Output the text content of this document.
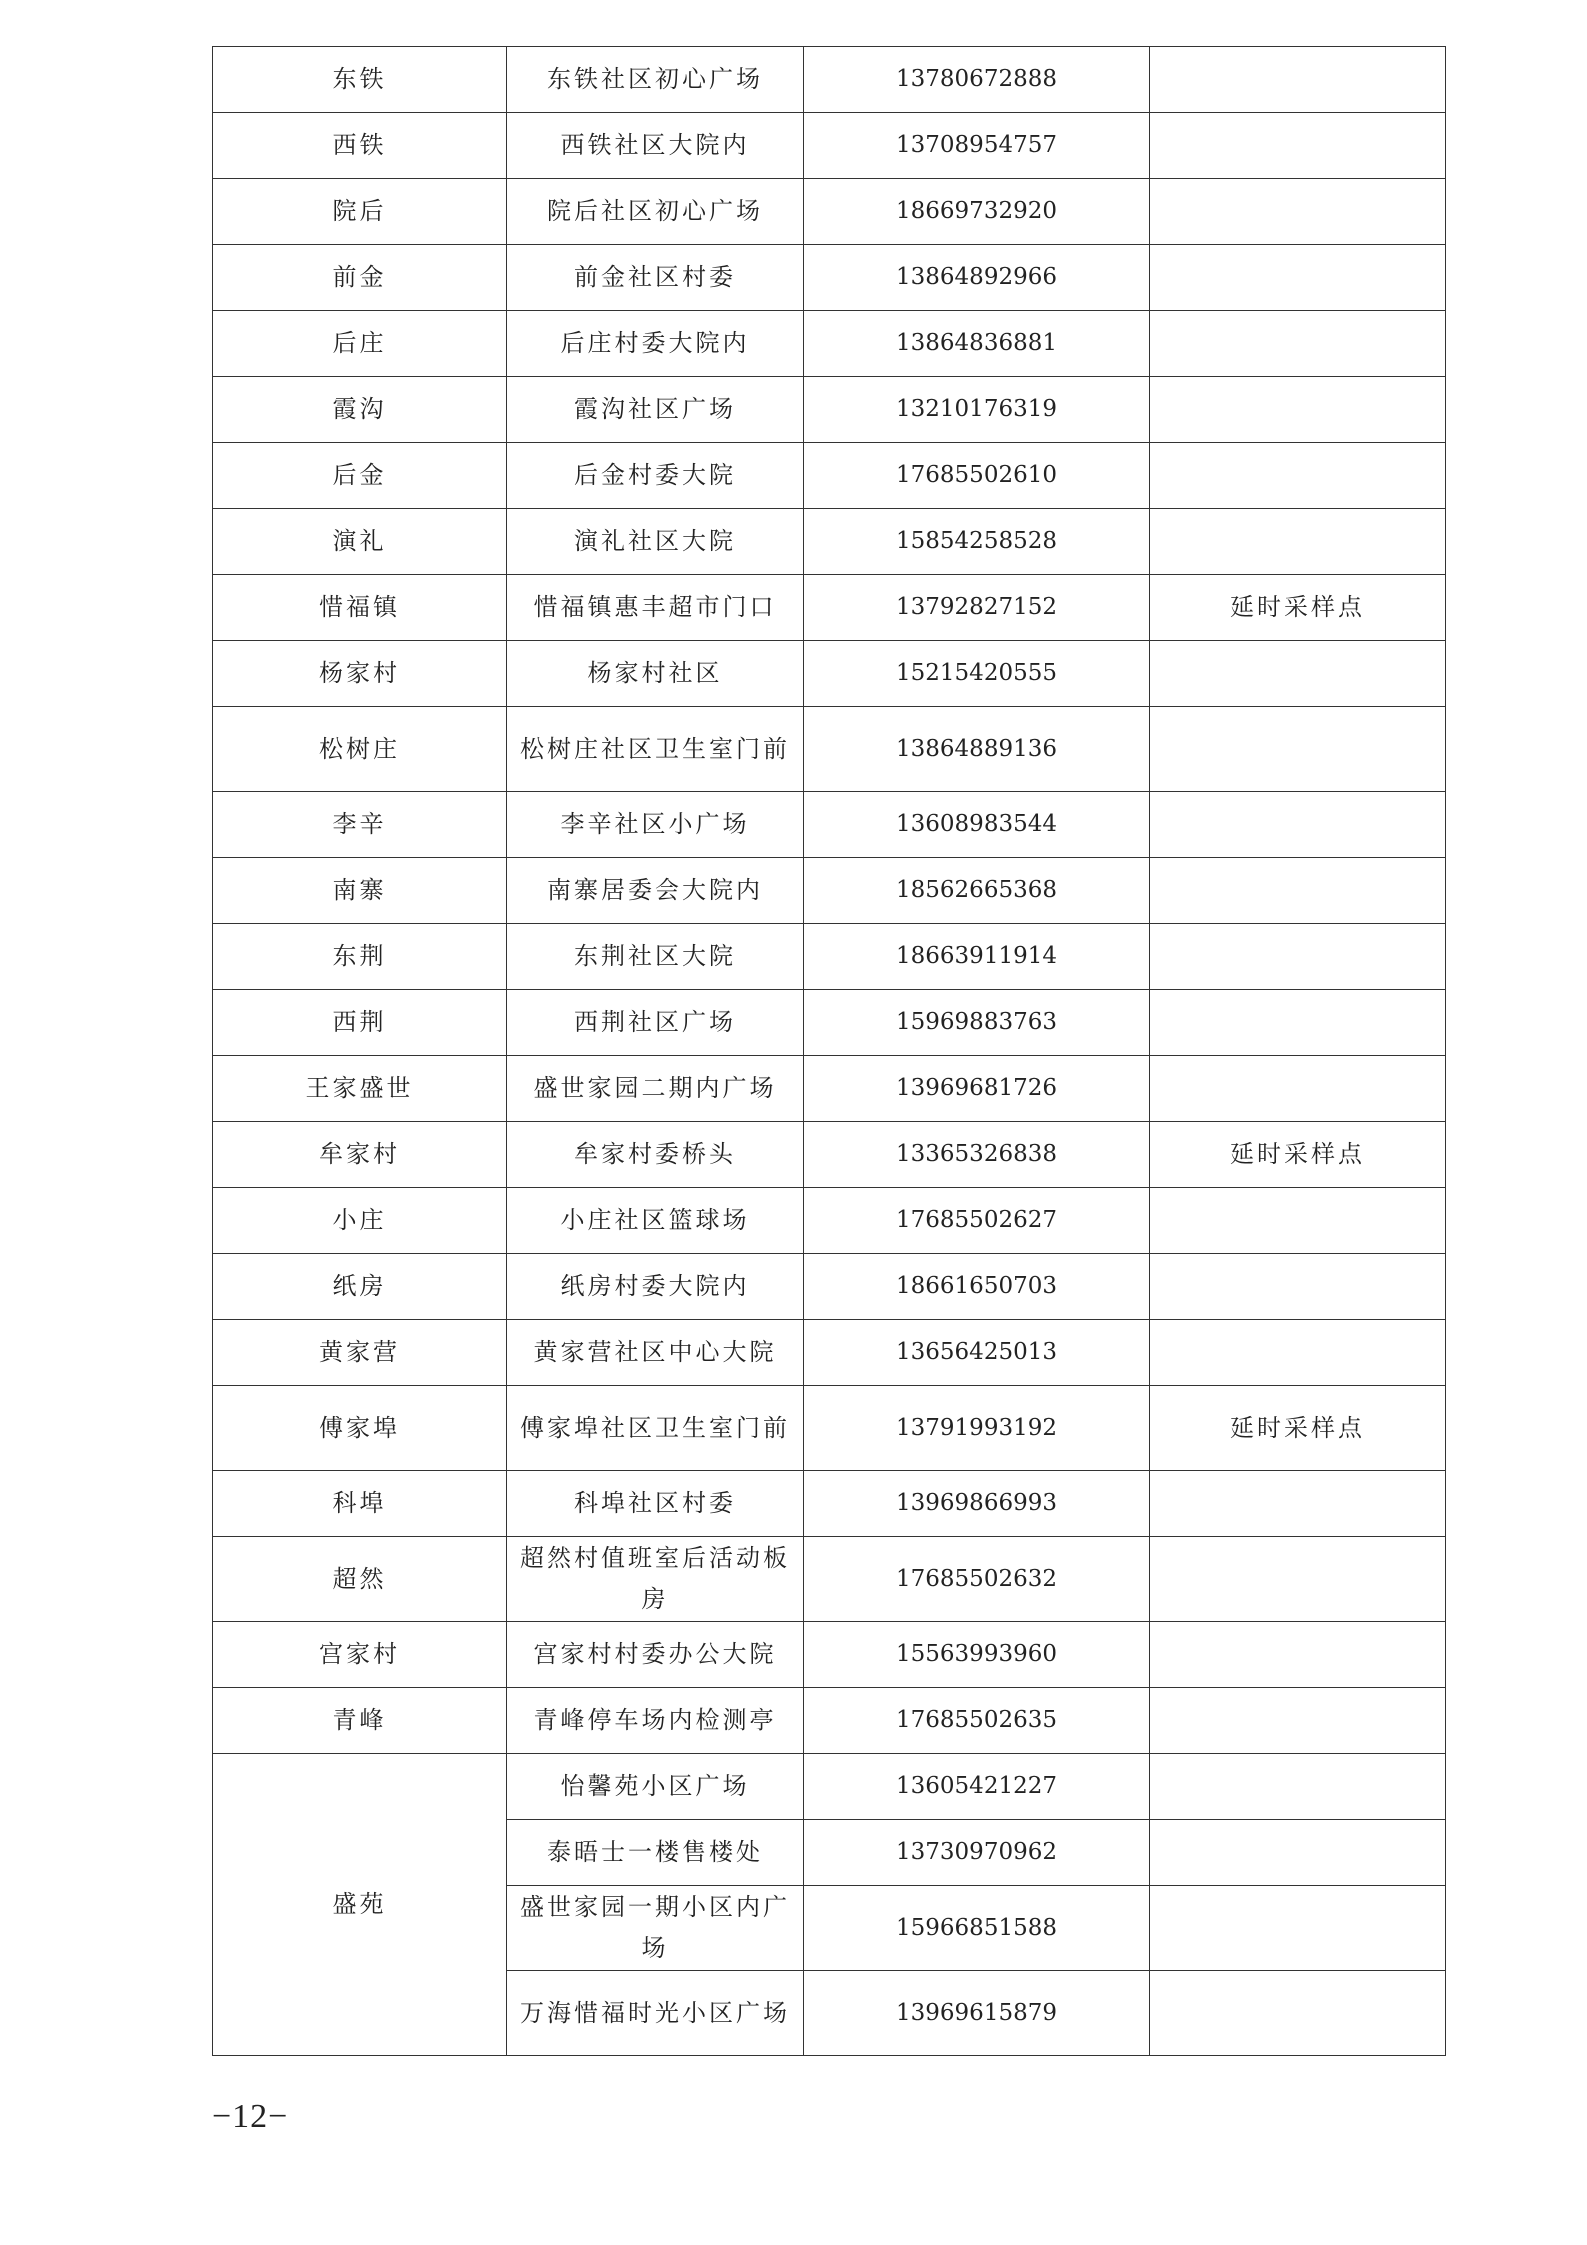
东铁	东铁社区初心广场	13780672888	
西铁	西铁社区大院内	13708954757	
院后	院后社区初心广场	18669732920	
前金	前金社区村委	13864892966	
后庄	后庄村委大院内	13864836881	
霞沟	霞沟社区广场	13210176319	
后金	后金村委大院	17685502610	
演礼	演礼社区大院	15854258528	
惜福镇	惜福镇惠丰超市门口	13792827152	延时采样点
杨家村	杨家村社区	15215420555	
松树庄	松树庄社区卫生室门前	13864889136	
李辛	李辛社区小广场	13608983544	
南寨	南寨居委会大院内	18562665368	
东荆	东荆社区大院	18663911914	
西荆	西荆社区广场	15969883763	
王家盛世	盛世家园二期内广场	13969681726	
牟家村	牟家村委桥头	13365326838	延时采样点
小庄	小庄社区篮球场	17685502627	
纸房	纸房村委大院内	18661650703	
黄家营	黄家营社区中心大院	13656425013	
傅家埠	傅家埠社区卫生室门前	13791993192	延时采样点
科埠	科埠社区村委	13969866993	
超然	超然村值班室后活动板房	17685502632	
宫家村	宫家村村委办公大院	15563993960	
青峰	青峰停车场内检测亭	17685502635	
盛苑	怡馨苑小区广场	13605421227	
	泰晤士一楼售楼处	13730970962	
	盛世家园一期小区内广场	15966851588	
	万海惜福时光小区广场	13969615879	
−12−
